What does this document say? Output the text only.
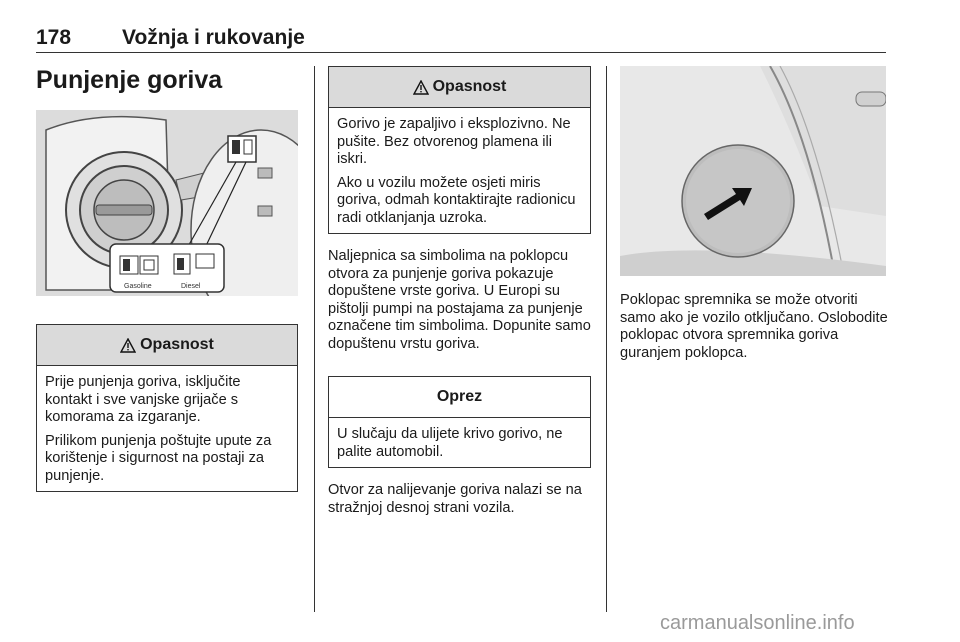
178 Vožnja i rukovanje
Punjenje goriva
Gasoline	Diesel
Opasnost

Prije punjenja goriva, isključite kontakt i sve vanjske grijače s komorama za izgaranje.

Prilikom punjenja poštujte upute za korištenje i sigurnost na postaji za punjenje.

Opasnost

Gorivo je zapaljivo i eksplozivno. Ne pušite. Bez otvorenog plamena ili iskri.

Ako u vozilu možete osjeti miris goriva, odmah kontaktirajte radionicu radi otklanjanja uzroka.

Naljepnica sa simbolima na poklopcu otvora za punjenje goriva pokazuje dopuštene vrste goriva. U Europi su pištolji pumpi na postajama za punjenje označene tim simbolima. Dopunite samo dopuštenu vrstu goriva.

Oprez

U slučaju da ulijete krivo gorivo, ne palite automobil.

Otvor za nalijevanje goriva nalazi se na stražnjoj desnoj strani vozila.

Poklopac spremnika se može otvoriti samo ako je vozilo otključano. Oslobodite poklopac otvora spremnika goriva guranjem poklopca.

carmanualsonline.info
